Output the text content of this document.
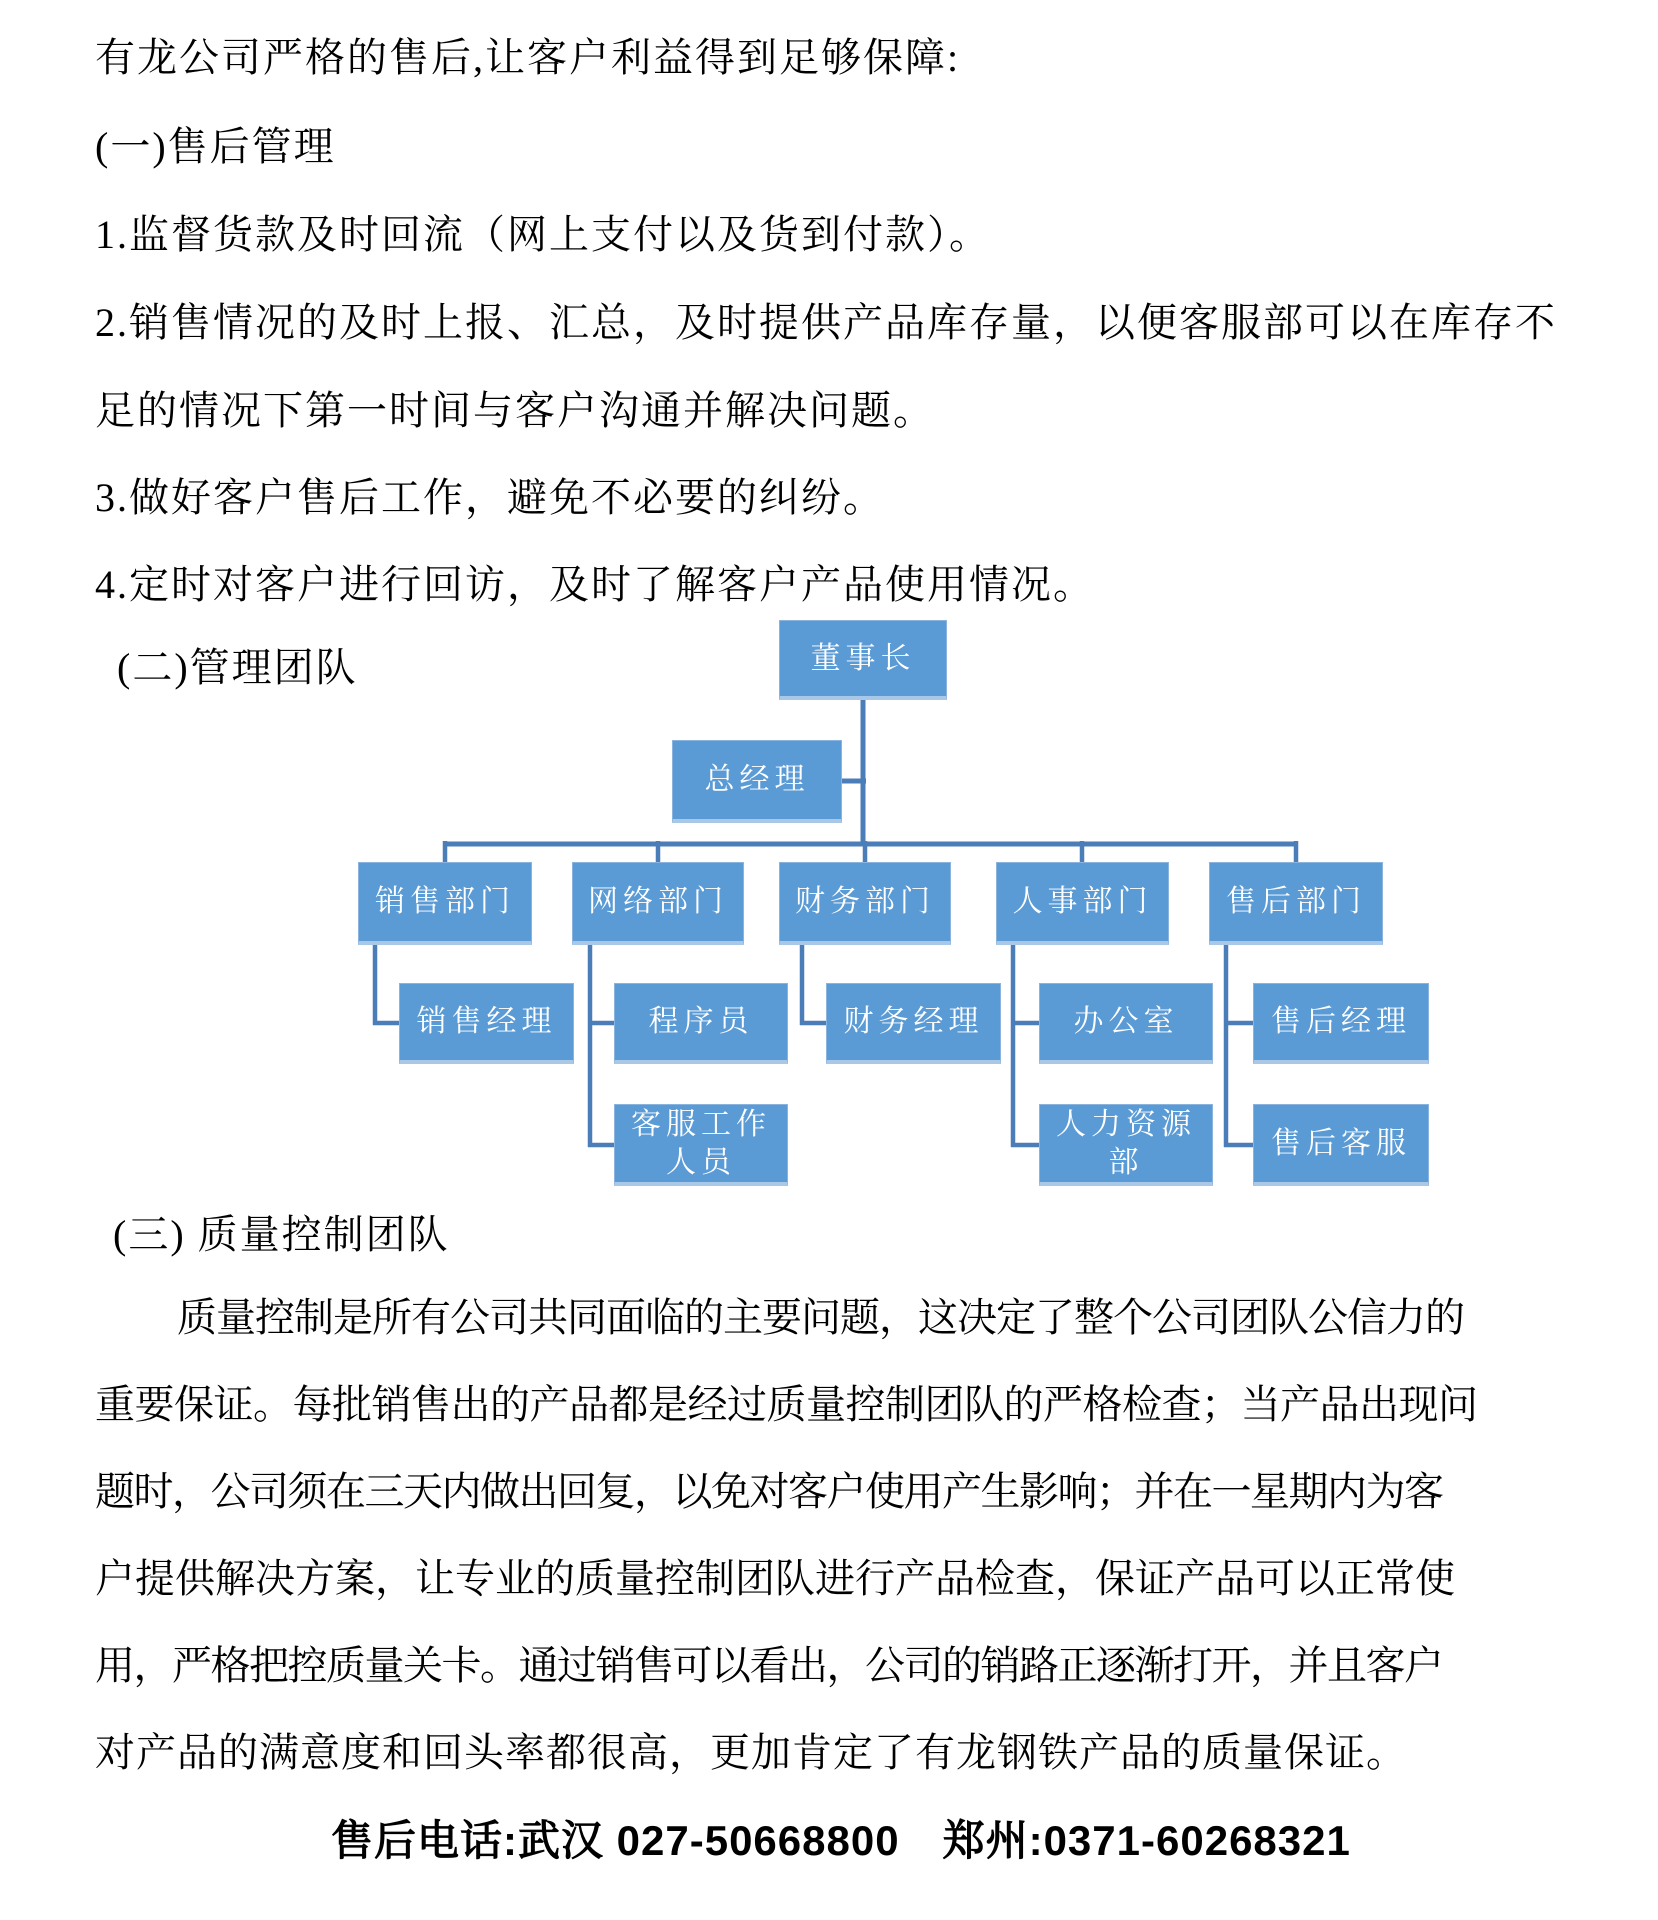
有龙公司严格的售后,让客户利益得到足够保障:
(一)售后管理
1.监督货款及时回流（网上支付以及货到付款）。
2.销售情况的及时上报、汇总，及时提供产品库存量，以便客服部可以在库存不
足的情况下第一时间与客户沟通并解决问题。
3.做好客户售后工作，避免不必要的纠纷。
4.定时对客户进行回访，及时了解客户产品使用情况。
(二)管理团队	董事长
总经理
销售部门	网络部门	财务部门	人事部门	售后部门
销售经理	程序员	财务经理	办公室	售后经理
客服工作人员
人力资源部
售后客服
(三) 质量控制团队
质量控制是所有公司共同面临的主要问题，这决定了整个公司团队公信力的
重要保证。每批销售出的产品都是经过质量控制团队的严格检查；当产品出现问
题时，公司须在三天内做出回复，以免对客户使用产生影响；并在一星期内为客
户提供解决方案，让专业的质量控制团队进行产品检查，保证产品可以正常使
用，严格把控质量关卡。通过销售可以看出，公司的销路正逐渐打开，并且客户
对产品的满意度和回头率都很高，更加肯定了有龙钢铁产品的质量保证。
售后电话:武汉 027-50668800　郑州:0371-60268321
